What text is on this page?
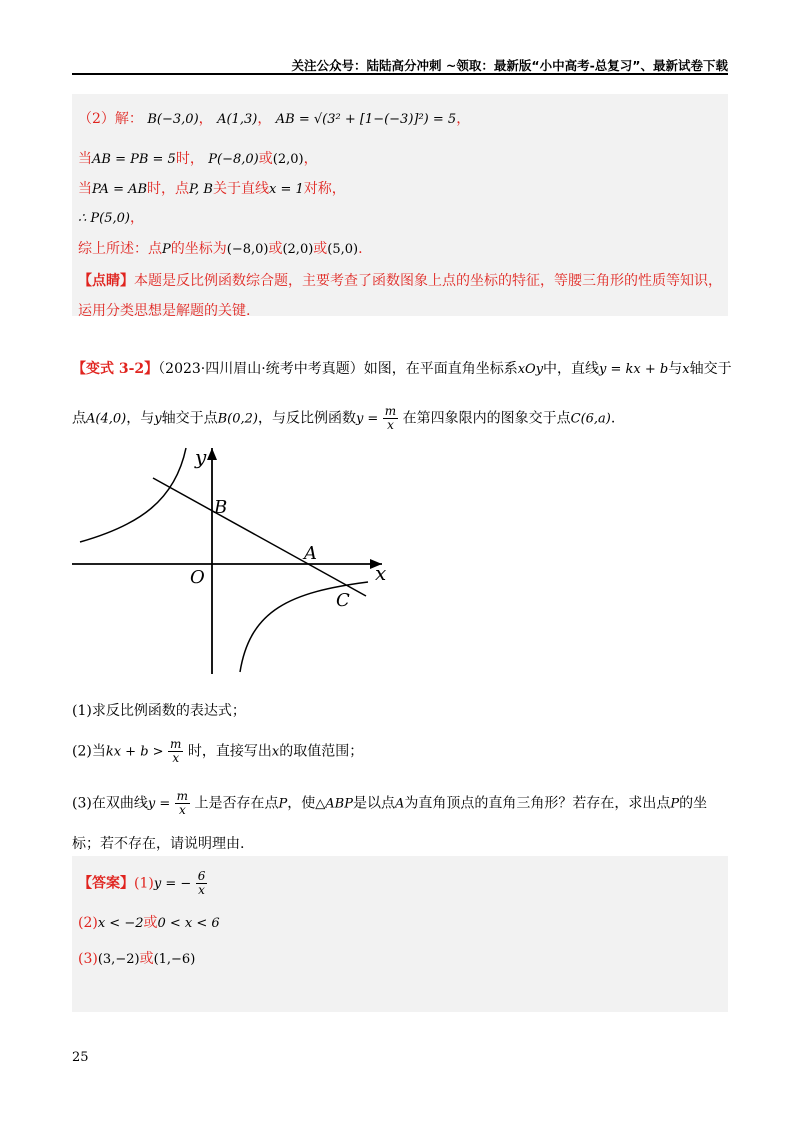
关注公众号：陆陆高分冲刺 ~领取：最新版“小中高考-总复习”、最新试卷下载
（2）解： B(−3,0)， A(1,3)， AB = √(3² + [1−(−3)]²) = 5，
当AB = PB = 5时， P(−8,0)或(2,0)，
当PA = AB时，点P, B关于直线x = 1对称，
∴ P(5,0)，
综上所述：点P的坐标为(−8,0)或(2,0)或(5,0).
【点睛】本题是反比例函数综合题，主要考查了函数图象上点的坐标的特征，等腰三角形的性质等知识，
运用分类思想是解题的关键.
【变式 3-2】（2023·四川眉山·统考中考真题）如图，在平面直角坐标系xOy中，直线y = kx + b与x轴交于
点A(4,0)，与y轴交于点B(0,2)，与反比例函数$y = \frac{m}{x}$ 在第四象限内的图象交于点C(6,a).
y
x
O
A
B
C
(1)求反比例函数的表达式；
(2)当kx + $b > \frac{m}{x}$ 时，直接写出x的取值范围；
(3)在双曲线$y = \frac{m}{x}$ 上是否存在点P，使△ABP是以点A为直角顶点的直角三角形？若存在，求出点P的坐
标；若不存在，请说明理由.
【答案】(1)y = − $\frac{6}{x}$
(2)x < −2或0 < x < 6
(3)(3,−2)或(1,−6)
25
